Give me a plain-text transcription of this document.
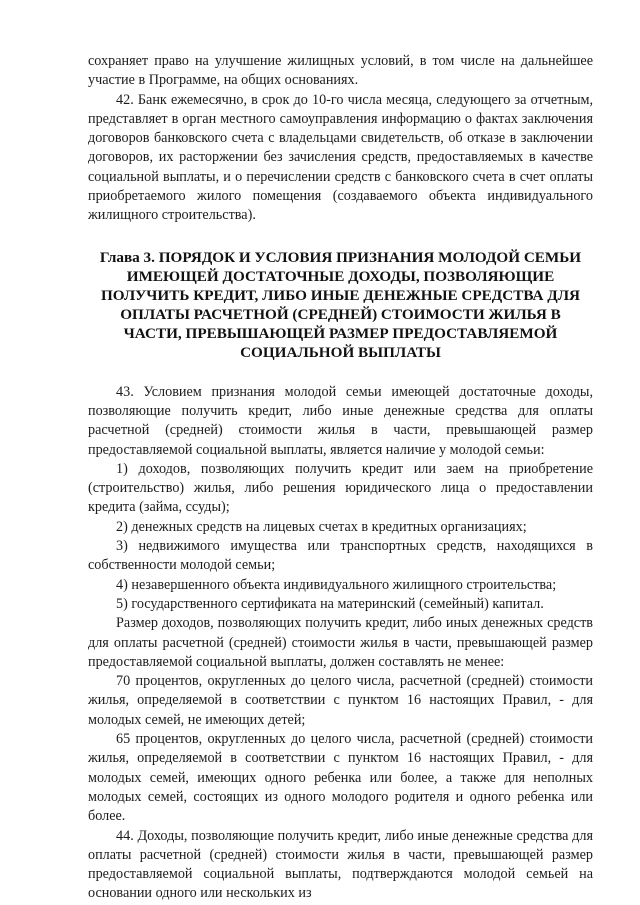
сохраняет право на улучшение жилищных условий, в том числе на дальнейшее участие в Программе, на общих основаниях.

42. Банк ежемесячно, в срок до 10-го числа месяца, следующего за отчетным, представляет в орган местного самоуправления информацию о фактах заключения договоров банковского счета с владельцами свидетельств, об отказе в заключении договоров, их расторжении без зачисления средств, предоставляемых в качестве социальной выплаты, и о перечислении средств с банковского счета в счет оплаты приобретаемого жилого помещения (создаваемого объекта индивидуального жилищного строительства).

Глава 3. ПОРЯДОК И УСЛОВИЯ ПРИЗНАНИЯ МОЛОДОЙ СЕМЬИ ИМЕЮЩЕЙ ДОСТАТОЧНЫЕ ДОХОДЫ, ПОЗВОЛЯЮЩИЕ ПОЛУЧИТЬ КРЕДИТ, ЛИБО ИНЫЕ ДЕНЕЖНЫЕ СРЕДСТВА ДЛЯ ОПЛАТЫ РАСЧЕТНОЙ (СРЕДНЕЙ) СТОИМОСТИ ЖИЛЬЯ В ЧАСТИ, ПРЕВЫШАЮЩЕЙ РАЗМЕР ПРЕДОСТАВЛЯЕМОЙ СОЦИАЛЬНОЙ ВЫПЛАТЫ

43. Условием признания молодой семьи имеющей достаточные доходы, позволяющие получить кредит, либо иные денежные средства для оплаты расчетной (средней) стоимости жилья в части, превышающей размер предоставляемой социальной выплаты, является наличие у молодой семьи:

1) доходов, позволяющих получить кредит или заем на приобретение (строительство) жилья, либо решения юридического лица о предоставлении кредита (займа, ссуды);

2) денежных средств на лицевых счетах в кредитных организациях;

3) недвижимого имущества или транспортных средств, находящихся в собственности молодой семьи;

4) незавершенного объекта индивидуального жилищного строительства;

5) государственного сертификата на материнский (семейный) капитал.

Размер доходов, позволяющих получить кредит, либо иных денежных средств для оплаты расчетной (средней) стоимости жилья в части, превышающей размер предоставляемой социальной выплаты, должен составлять не менее:

70 процентов, округленных до целого числа, расчетной (средней) стоимости жилья, определяемой в соответствии с пунктом 16 настоящих Правил, - для молодых семей, не имеющих детей;

65 процентов, округленных до целого числа, расчетной (средней) стоимости жилья, определяемой в соответствии с пунктом 16 настоящих Правил, - для молодых семей, имеющих одного ребенка или более, а также для неполных молодых семей, состоящих из одного молодого родителя и одного ребенка или более.

44. Доходы, позволяющие получить кредит, либо иные денежные средства для оплаты расчетной (средней) стоимости жилья в части, превышающей размер предоставляемой социальной выплаты, подтверждаются молодой семьей на основании одного или нескольких из
